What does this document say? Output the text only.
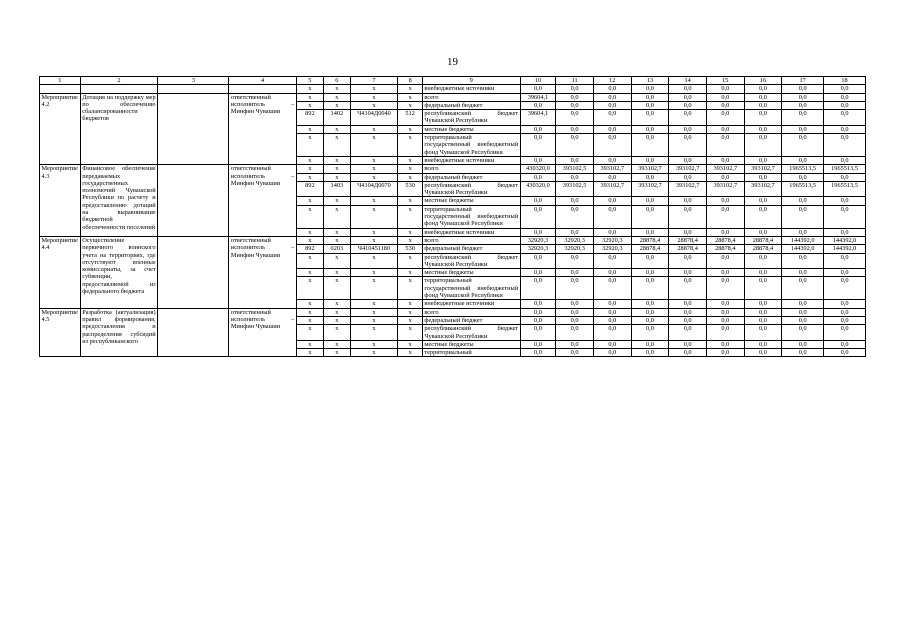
19
1	2	3	4	5	6	7	8	9	10	11	12	13	14	15	16	17	18
				x	x	x	x	внебюджетные источники	0,0	0,0	0,0	0,0	0,0	0,0	0,0	0,0	0,0
Мероприятие 4.2	Дотация на поддержку мер по обеспечению сбалансированности бюджетов		ответственный исполнитель – Минфин Чувашии	x	x	x	x	всего	39604,1	0,0	0,0	0,0	0,0	0,0	0,0	0,0	0,0
				x	x	x	x	федеральный бюджет	0,0	0,0	0,0	0,0	0,0	0,0	0,0	0,0	0,0
				892	1402	Ч4104Д0040	512	республиканский бюджет Чувашской Республики	39604,1	0,0	0,0	0,0	0,0	0,0	0,0	0,0	0,0
				x	x	x	x	местные бюджеты	0,0	0,0	0,0	0,0	0,0	0,0	0,0	0,0	0,0
				x	x	x	x	территориальный государственный внебюджетный фонд Чувашской Республики	0,0	0,0	0,0	0,0	0,0	0,0	0,0	0,0	0,0
				x	x	x	x	внебюджетные источники	0,0	0,0	0,0	0,0	0,0	0,0	0,0	0,0	0,0
Мероприятие 4.3	Финансовое обеспечение передаваемых государственных полномочий Чувашской Республики по расчету и предоставлению дотаций на выравнивание бюджетной обеспеченности поселений		ответственный исполнитель – Минфин Чувашии	x	x	x	x	всего	430320,0	393102,5	393102,7	393102,7	393102,7	393102,7	393102,7	1965513,5	1965513,5
				x	x	x	x	федеральный бюджет	0,0	0,0	0,0	0,0	0,0	0,0	0,0	0,0	0,0
				892	1403	Ч4104Д0070	530	республиканский бюджет Чувашской Республики	430320,0	393102,5	393102,7	393102,7	393102,7	393102,7	393102,7	1965513,5	1965513,5
				x	x	x	x	местные бюджеты	0,0	0,0	0,0	0,0	0,0	0,0	0,0	0,0	0,0
				x	x	x	x	территориальный государственный внебюджетный фонд Чувашской Республики	0,0	0,0	0,0	0,0	0,0	0,0	0,0	0,0	0,0
				x	x	x	x	внебюджетные источники	0,0	0,0	0,0	0,0	0,0	0,0	0,0	0,0	0,0
Мероприятие 4.4	Осуществление первичного воинского учета на территориях, где отсутствуют военные комиссариаты, за счет субвенции, предоставляемой из федерального бюджета		ответственный исполнитель – Минфин Чувашии	x	x	x	x	всего	32920,3	32920,3	32920,3	28878,4	28878,4	28878,4	28878,4	144392,0	144392,0
				892	0203	Ч410451180	530	федеральный бюджет	32920,3	32920,3	32920,3	28878,4	28878,4	28878,4	28878,4	144392,0	144392,0
				x	x	x	x	республиканский бюджет Чувашской Республики	0,0	0,0	0,0	0,0	0,0	0,0	0,0	0,0	0,0
				x	x	x	x	местные бюджеты	0,0	0,0	0,0	0,0	0,0	0,0	0,0	0,0	0,0
				x	x	x	x	территориальный государственный внебюджетный фонд Чувашской Республики	0,0	0,0	0,0	0,0	0,0	0,0	0,0	0,0	0,0
				x	x	x	x	внебюджетные источники	0,0	0,0	0,0	0,0	0,0	0,0	0,0	0,0	0,0
Мероприятие 4.5	Разработка (актуализация) правил формирования, предоставления и распределения субсидий из республиканского		ответственный исполнитель – Минфин Чувашии	x	x	x	x	всего	0,0	0,0	0,0	0,0	0,0	0,0	0,0	0,0	0,0
				x	x	x	x	федеральный бюджет	0,0	0,0	0,0	0,0	0,0	0,0	0,0	0,0	0,0
				x	x	x	x	республиканский бюджет Чувашской Республики	0,0	0,0	0,0	0,0	0,0	0,0	0,0	0,0	0,0
				x	x	x	x	местные бюджеты	0,0	0,0	0,0	0,0	0,0	0,0	0,0	0,0	0,0
				x	x	x	x	территориальный	0,0	0,0	0,0	0,0	0,0	0,0	0,0	0,0	0,0
